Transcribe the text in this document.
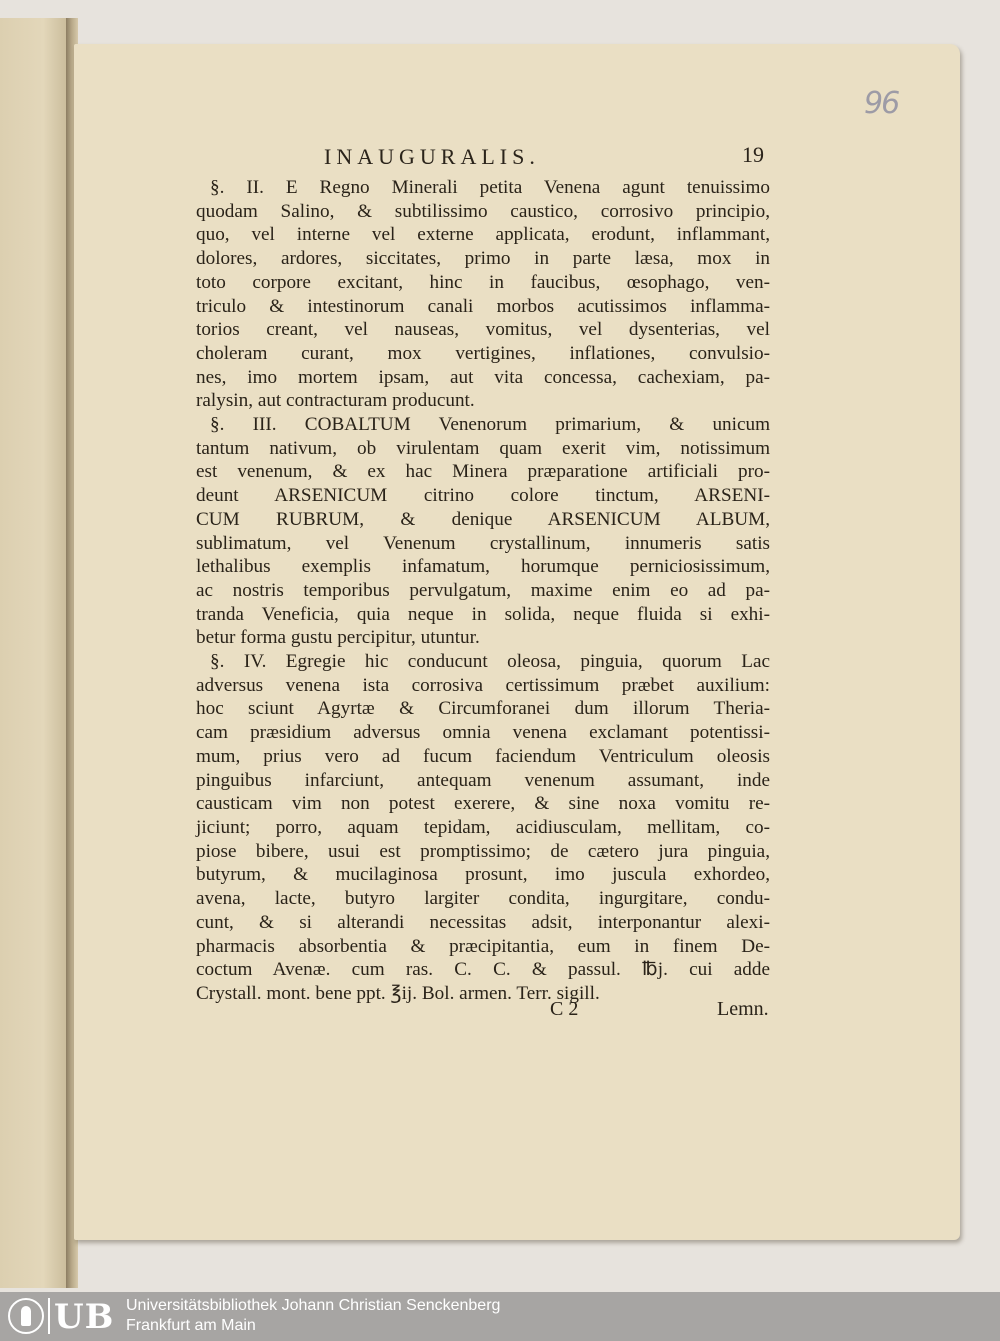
96
INAUGURALIS.	19
§. II. E Regno Minerali petita Venena agunt tenuissimo
quodam Salino, & subtilissimo caustico, corrosivo principio,
quo, vel interne vel externe applicata, erodunt, inflammant,
dolores, ardores, siccitates, primo in parte læsa, mox in
toto corpore excitant, hinc in faucibus, œsophago, ven-
triculo & intestinorum canali morbos acutissimos inflamma-
torios creant, vel nauseas, vomitus, vel dysenterias, vel
choleram curant, mox vertigines, inflationes, convulsio-
nes, imo mortem ipsam, aut vita concessa, cachexiam, pa-
ralysin, aut contracturam producunt.
§. III. COBALTUM Venenorum primarium, & unicum
tantum nativum, ob virulentam quam exerit vim, notissimum
est venenum, & ex hac Minera præparatione artificiali pro-
deunt ARSENICUM citrino colore tinctum, ARSENI-
CUM RUBRUM, & denique ARSENICUM ALBUM,
sublimatum, vel Venenum crystallinum, innumeris satis
lethalibus exemplis infamatum, horumque perniciosissimum,
ac nostris temporibus pervulgatum, maxime enim eo ad pa-
tranda Veneficia, quia neque in solida, neque fluida si exhi-
betur forma gustu percipitur, utuntur.
§. IV. Egregie hic conducunt oleosa, pinguia, quorum Lac
adversus venena ista corrosiva certissimum præbet auxilium:
hoc sciunt Agyrtæ & Circumforanei dum illorum Theria-
cam præsidium adversus omnia venena exclamant potentissi-
mum, prius vero ad fucum faciendum Ventriculum oleosis
pinguibus infarciunt, antequam venenum assumant, inde
causticam vim non potest exerere, & sine noxa vomitu re-
jiciunt; porro, aquam tepidam, acidiusculam, mellitam, co-
piose bibere, usui est promptissimo; de cætero jura pinguia,
butyrum, & mucilaginosa prosunt, imo juscula exhordeo,
avena, lacte, butyro largiter condita, ingurgitare, condu-
cunt, & si alterandi necessitas adsit, interponantur alexi-
pharmacis absorbentia & præcipitantia, eum in finem De-
coctum Avenæ. cum ras. C. C. & passul. ℔j. cui adde
Crystall. mont. bene ppt. ℥ij. Bol. armen. Terr. sigill.
C 2	Lemn.
UB Universitätsbibliothek Johann Christian Senckenberg
Frankfurt am Main
